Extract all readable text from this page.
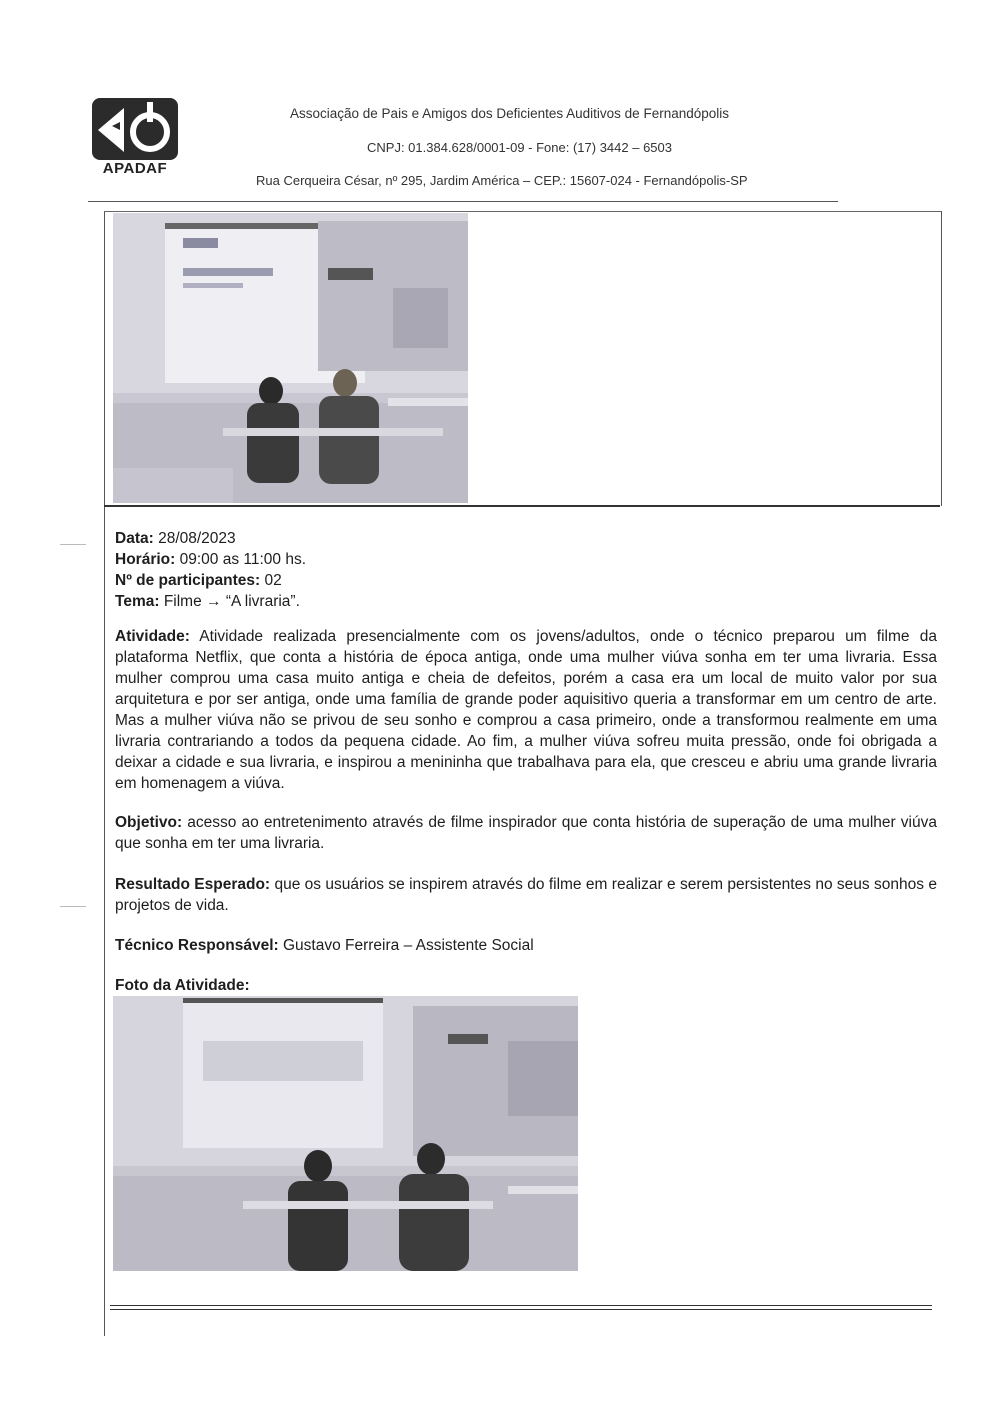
APADAF
Associação de Pais e Amigos dos Deficientes Auditivos de Fernandópolis
CNPJ: 01.384.628/0001-09 - Fone: (17) 3442 – 6503
Rua Cerqueira César, nº 295, Jardim América – CEP.: 15607-024 - Fernandópolis-SP
Data: 28/08/2023
Horário: 09:00 as 11:00 hs.
Nº de participantes: 02
Tema: Filme → “A livraria”.
Atividade: Atividade realizada presencialmente com os jovens/adultos, onde o técnico preparou um filme da plataforma Netflix, que conta a história de época antiga, onde uma mulher viúva sonha em ter uma livraria. Essa mulher comprou uma casa muito antiga e cheia de defeitos, porém a casa era um local de muito valor por sua arquitetura e por ser antiga, onde uma família de grande poder aquisitivo queria a transformar em um centro de arte. Mas a mulher viúva não se privou de seu sonho e comprou a casa primeiro, onde a transformou realmente em uma livraria contrariando a todos da pequena cidade. Ao fim, a mulher viúva sofreu muita pressão, onde foi obrigada a deixar a cidade e sua livraria, e inspirou a menininha que trabalhava para ela, que cresceu e abriu uma grande livraria em homenagem a viúva.
Objetivo: acesso ao entretenimento através de filme inspirador que conta história de superação de uma mulher viúva que sonha em ter uma livraria.
Resultado Esperado: que os usuários se inspirem através do filme em realizar e serem persistentes no seus sonhos e projetos de vida.
Técnico Responsável: Gustavo Ferreira – Assistente Social
Foto da Atividade:
